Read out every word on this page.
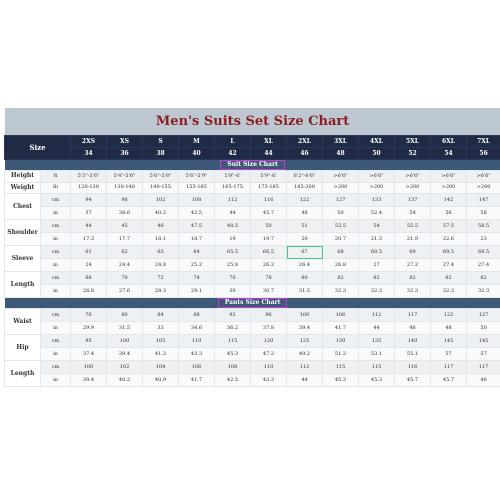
Men's Suits Set Size Chart													
Size		2XS	XS	S	M	L	XL	2XL	3XL	4XL	5XL	6XL	7XL
		34	36	38	40	42	44	46	48	50	52	54	56
Suit Size Chart													
Height	ft	5'3"-5'6"	5'4"-5'6"	5'6"-5'8"	5'6"-5'9"	5'9"-6'	5'9"-6'	6'2"-6'6"	>6'6"	>6'6"	>6'6"	>6'6"	>6'6"
Weight	lb	120-130	130-140	140-155	155-165	165-175	175-185	185-200	>200	>200	>200	>200	>200
Chest	cm	94	98	102	108	112	116	122	127	133	137	142	147
	in	37	38.6	40.2	42.5	44	45.7	48	50	52.4	54	56	58
Shoulder	cm	44	45	46	47.5	48.5	50	51	52.5	54	55.5	57.5	58.5
	in	17.3	17.7	18.1	18.7	19	19.7	20	20.7	21.3	21.9	22.6	23
Sleeve	cm	61	62	63	64	65.5	66.5	67	68	68.5	69	69.5	69.5
	in	24	24.4	24.8	25.2	25.8	26.2	26.4	26.8	27	27.2	27.4	27.4
Length	cm	68	70	72	74	76	78	80	82	82	82	82	82
	in	26.8	27.6	28.3	29.1	30	30.7	31.5	32.3	32.3	32.3	32.3	32.3
Pants Size Chart													
Waist	cm	76	80	84	88	92	96	100	106	112	117	122	127
	in	29.9	31.5	33	34.6	36.2	37.8	39.4	41.7	44	46	48	50
Hip	cm	95	100	105	110	115	120	125	130	135	140	145	145
	in	37.4	39.4	41.3	43.3	45.3	47.2	49.2	51.2	53.1	55.1	57	57
Length	cm	100	102	104	106	108	110	112	115	115	116	117	117
	in	39.4	40.2	40.9	41.7	42.5	43.3	44	45.3	45.3	45.7	45.7	46
